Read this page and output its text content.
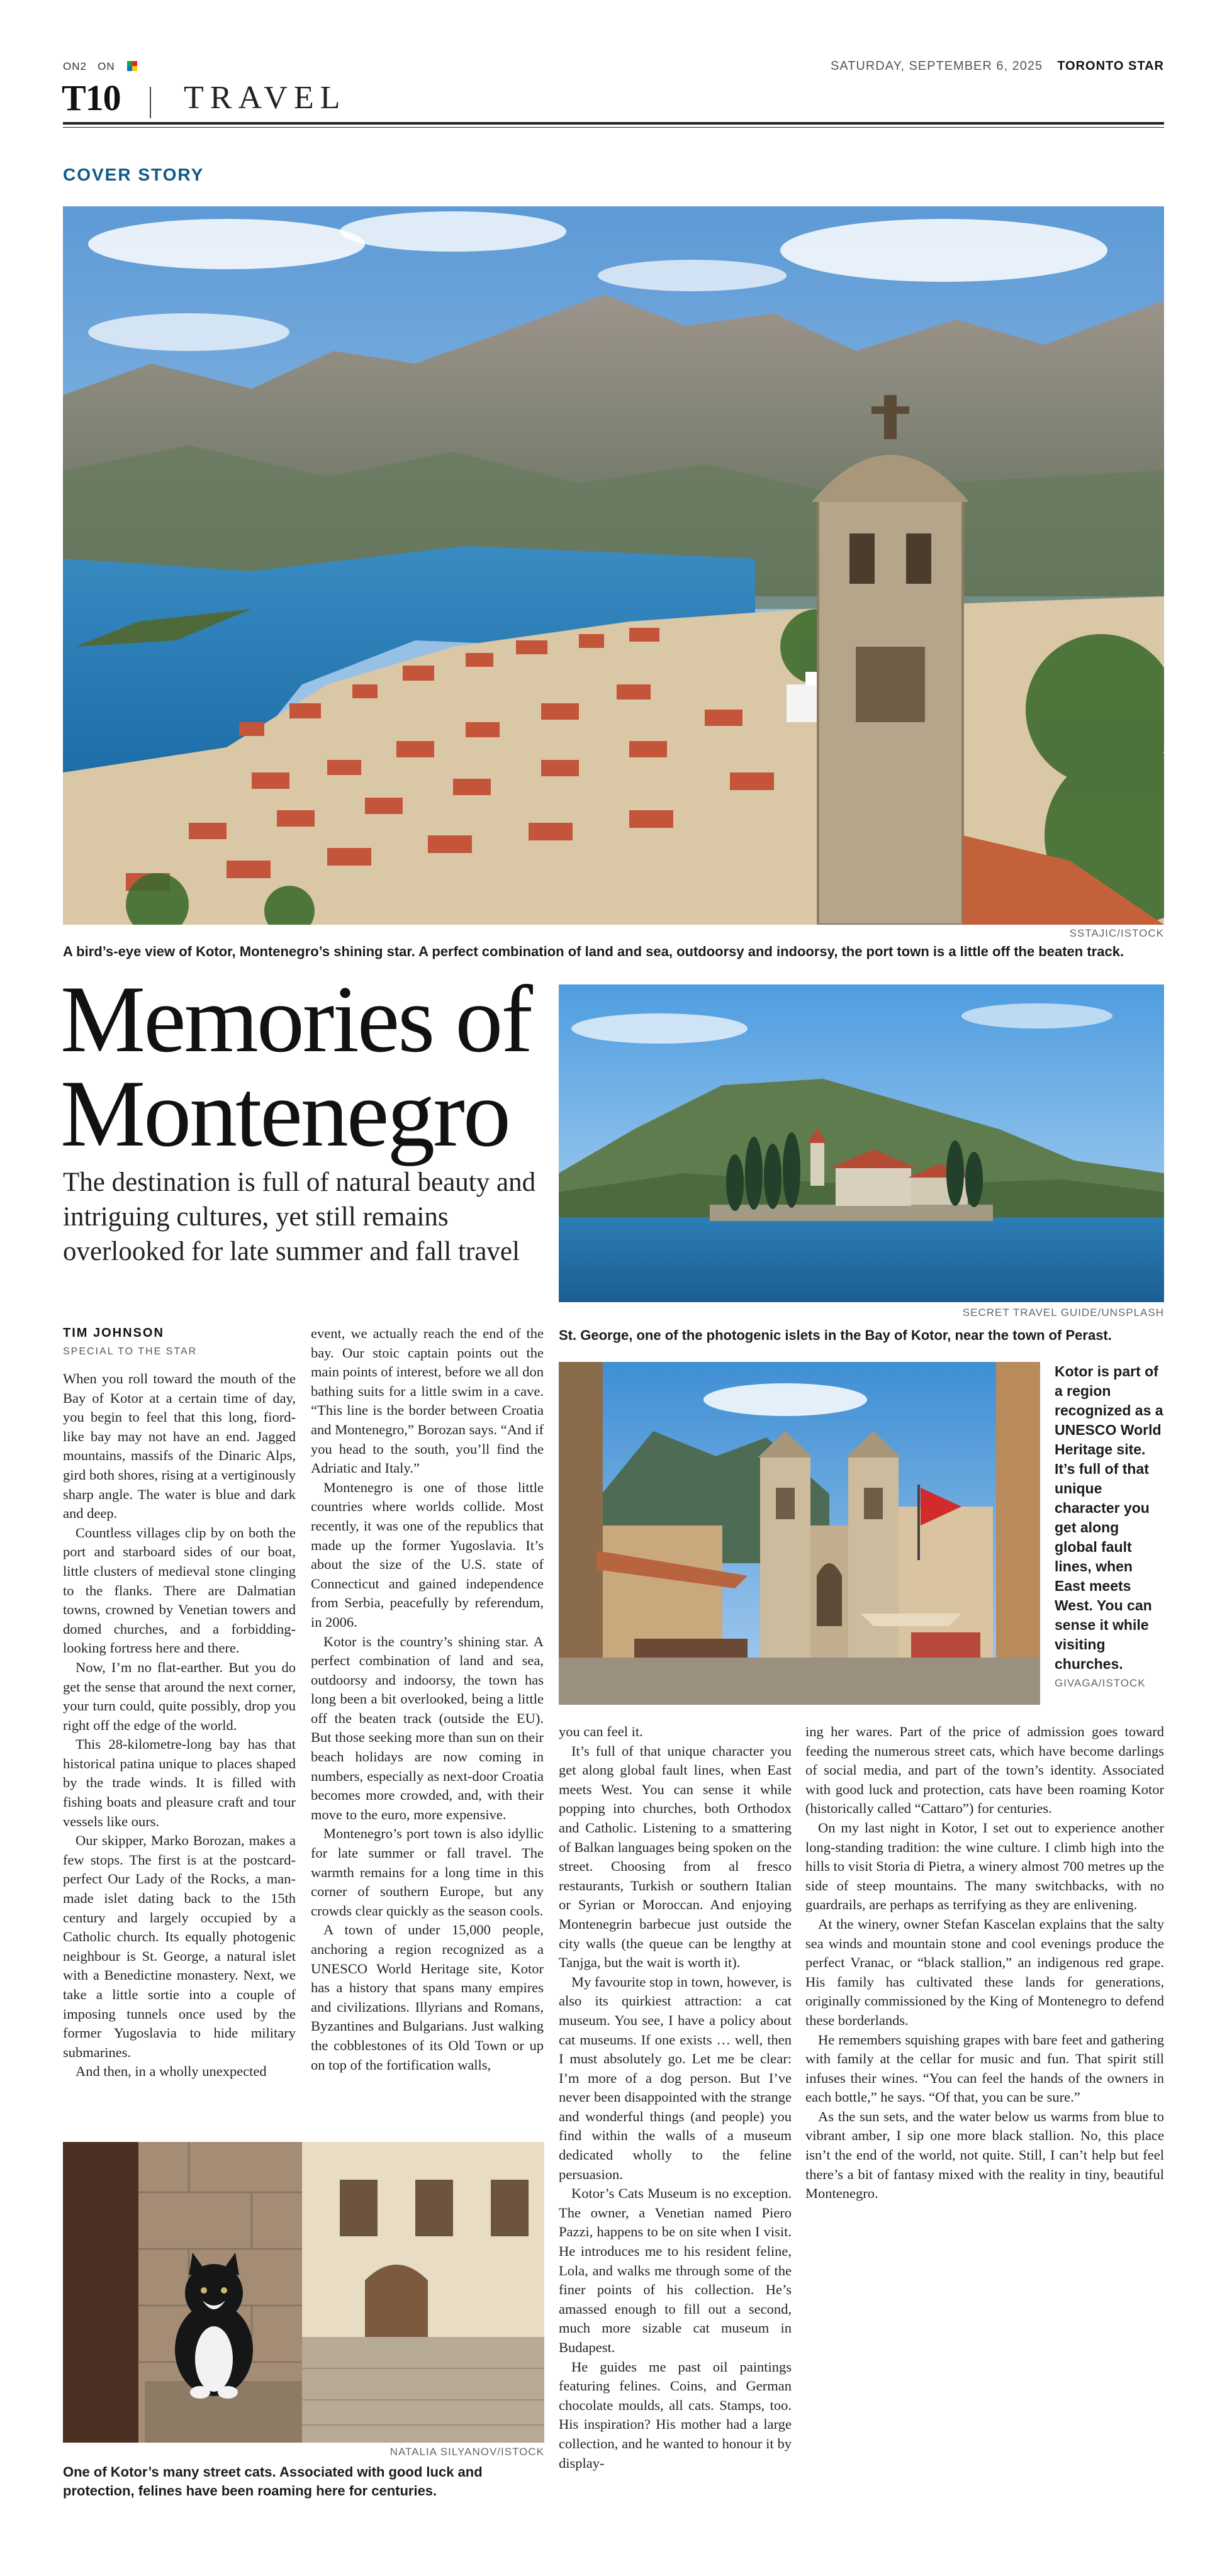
ON2 ON	SATURDAY, SEPTEMBER 6, 2025 TORONTO STAR
T10 TRAVEL
COVER STORY
SSTAJIC/ISTOCK
A bird’s-eye view of Kotor, Montenegro’s shining star. A perfect combination of land and sea, outdoorsy and indoorsy, the port town is a little off the beaten track.
Memories of
Montenegro
The destination is full of natural beauty and intriguing cultures, yet still remains overlooked for late summer and fall travel
SECRET TRAVEL GUIDE/UNSPLASH
St. George, one of the photogenic islets in the Bay of Kotor, near the town of Perast.
Kotor is part of a region recognized as a UNESCO World Heritage site. It’s full of that unique character you get along global fault lines, when East meets West. You can sense it while visiting churches.
GIVAGA/ISTOCK
TIM JOHNSON
SPECIAL TO THE STAR

When you roll toward the mouth of the Bay of Kotor at a certain time of day, you begin to feel that this long, fiord-like bay may not have an end. Jagged mountains, massifs of the Dinaric Alps, gird both shores, rising at a vertiginously sharp angle. The water is blue and dark and deep.

Countless villages clip by on both the port and starboard sides of our boat, little clusters of medieval stone clinging to the flanks. There are Dalmatian towns, crowned by Venetian towers and domed churches, and a forbidding-looking fortress here and there.

Now, I’m no flat-earther. But you do get the sense that around the next corner, your turn could, quite possibly, drop you right off the edge of the world.

This 28-kilometre-long bay has that historical patina unique to places shaped by the trade winds. It is filled with fishing boats and pleasure craft and tour vessels like ours.

Our skipper, Marko Borozan, makes a few stops. The first is at the postcard-perfect Our Lady of the Rocks, a man-made islet dating back to the 15th century and largely occupied by a Catholic church. Its equally photogenic neighbour is St. George, a natural islet with a Benedictine monastery. Next, we take a little sortie into a couple of imposing tunnels once used by the former Yugoslavia to hide military submarines.

And then, in a wholly unexpected

event, we actually reach the end of the bay. Our stoic captain points out the main points of interest, before we all don bathing suits for a little swim in a cave. “This line is the border between Croatia and Montenegro,” Borozan says. “And if you head to the south, you’ll find the Adriatic and Italy.”

Montenegro is one of those little countries where worlds collide. Most recently, it was one of the republics that made up the former Yugoslavia. It’s about the size of the U.S. state of Connecticut and gained independence from Serbia, peacefully by referendum, in 2006.

Kotor is the country’s shining star. A perfect combination of land and sea, outdoorsy and indoorsy, the town has long been a bit overlooked, being a little off the beaten track (outside the EU). But those seeking more than sun on their beach holidays are now coming in numbers, especially as next-door Croatia becomes more crowded, and, with their move to the euro, more expensive.

Montenegro’s port town is also idyllic for late summer or fall travel. The warmth remains for a long time in this corner of southern Europe, but any crowds clear quickly as the season cools.

A town of under 15,000 people, anchoring a region recognized as a UNESCO World Heritage site, Kotor has a history that spans many empires and civilizations. Illyrians and Romans, Byzantines and Bulgarians. Just walking the cobblestones of its Old Town or up on top of the fortification walls,

you can feel it.

It’s full of that unique character you get along global fault lines, when East meets West. You can sense it while popping into churches, both Orthodox and Catholic. Listening to a smattering of Balkan languages being spoken on the street. Choosing from al fresco restaurants, Turkish or southern Italian or Syrian or Moroccan. And enjoying Montenegrin barbecue just outside the city walls (the queue can be lengthy at Tanjga, but the wait is worth it).

My favourite stop in town, however, is also its quirkiest attraction: a cat museum. You see, I have a policy about cat museums. If one exists … well, then I must absolutely go. Let me be clear: I’m more of a dog person. But I’ve never been disappointed with the strange and wonderful things (and people) you find within the walls of a museum dedicated wholly to the feline persuasion.

Kotor’s Cats Museum is no exception. The owner, a Venetian named Piero Pazzi, happens to be on site when I visit. He introduces me to his resident feline, Lola, and walks me through some of the finer points of his collection. He’s amassed enough to fill out a second, much more sizable cat museum in Budapest.

He guides me past oil paintings featuring felines. Coins, and German chocolate moulds, all cats. Stamps, too. His inspiration? His mother had a large collection, and he wanted to honour it by display-

ing her wares. Part of the price of admission goes toward feeding the numerous street cats, which have become darlings of social media, and part of the town’s identity. Associated with good luck and protection, cats have been roaming Kotor (historically called “Cattaro”) for centuries.

On my last night in Kotor, I set out to experience another long-standing tradition: the wine culture. I climb high into the hills to visit Storia di Pietra, a winery almost 700 metres up the side of steep mountains. The many switchbacks, with no guardrails, are perhaps as terrifying as they are enlivening.

At the winery, owner Stefan Kascelan explains that the salty sea winds and mountain stone and cool evenings produce the perfect Vranac, or “black stallion,” an indigenous red grape. His family has cultivated these lands for generations, originally commissioned by the King of Montenegro to defend these borderlands.

He remembers squishing grapes with bare feet and gathering with family at the cellar for music and fun. That spirit still infuses their wines. “You can feel the hands of the owners in each bottle,” he says. “Of that, you can be sure.”

As the sun sets, and the water below us warms from blue to vibrant amber, I sip one more black stallion. No, this place isn’t the end of the world, not quite. Still, I can’t help but feel there’s a bit of fantasy mixed with the reality in tiny, beautiful Montenegro.

NATALIA SILYANOV/ISTOCK
One of Kotor’s many street cats. Associated with good luck and protection, felines have been roaming here for centuries.
